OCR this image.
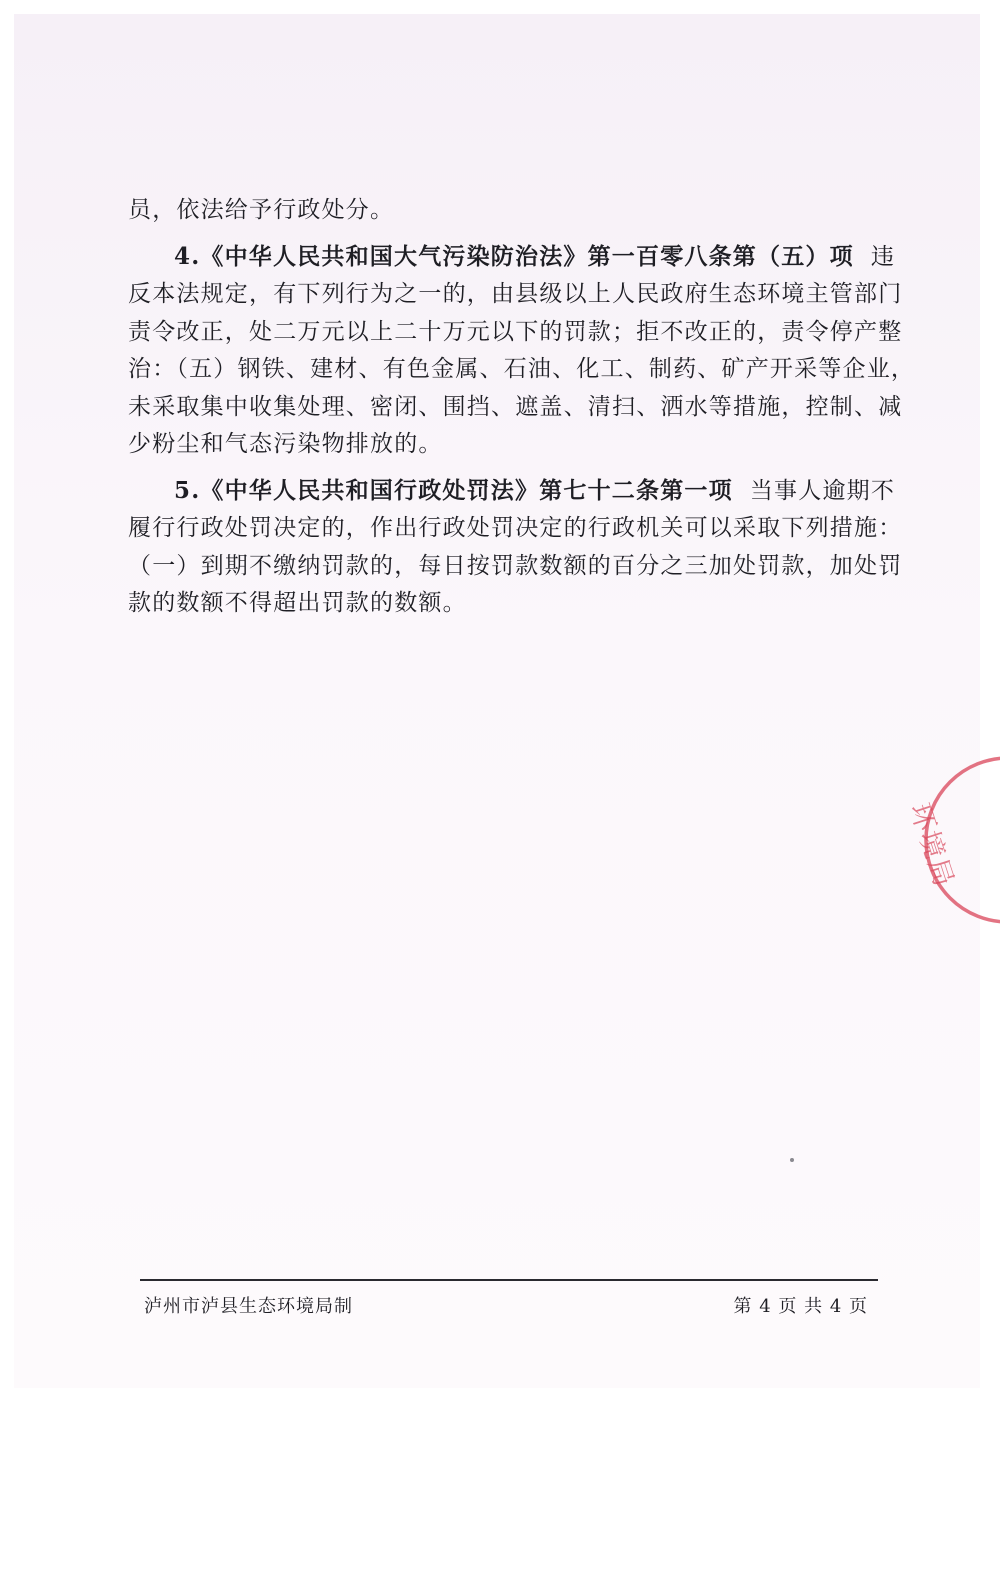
员，依法给予行政处分。
4.《中华人民共和国大气污染防治法》第一百零八条第（五）项 违
反本法规定，有下列行为之一的，由县级以上人民政府生态环境主管部门
责令改正，处二万元以上二十万元以下的罚款；拒不改正的，责令停产整
治：（五）钢铁、建材、有色金属、石油、化工、制药、矿产开采等企业，
未采取集中收集处理、密闭、围挡、遮盖、清扫、洒水等措施，控制、减
少粉尘和气态污染物排放的。
5.《中华人民共和国行政处罚法》第七十二条第一项 当事人逾期不
履行行政处罚决定的，作出行政处罚决定的行政机关可以采取下列措施：
（一）到期不缴纳罚款的，每日按罚款数额的百分之三加处罚款，加处罚
款的数额不得超出罚款的数额。
环境局
泸州市泸县生态环境局制	第 4 页 共 4 页
